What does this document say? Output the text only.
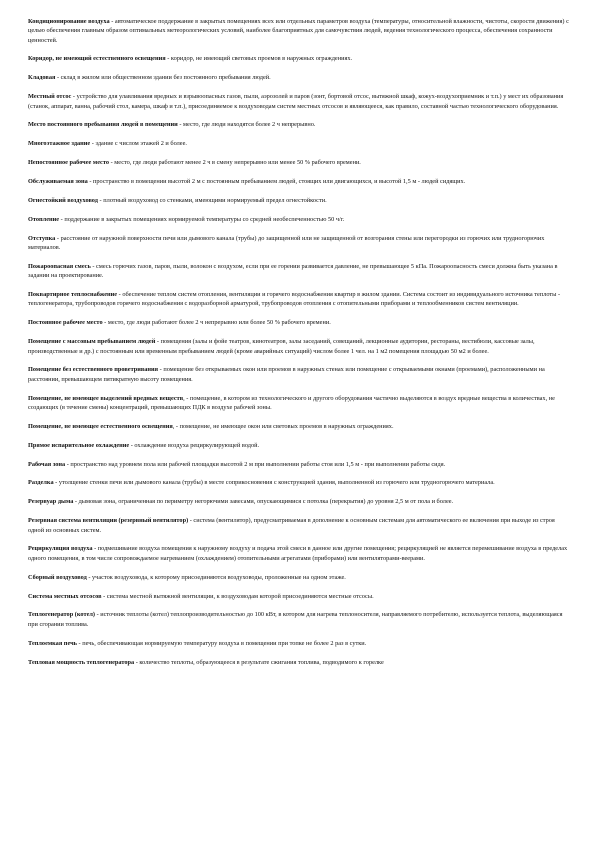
Кондиционирование воздуха - автоматическое поддержание в закрытых помещениях всех или отдельных параметров воздуха (температуры, относительной влажности, чистоты, скорости движения) с целью обеспечения главным образом оптимальных метеорологических условий, наиболее благоприятных для самочувствия людей, ведения технологического процесса, обеспечения сохранности ценностей.

Коридор, не имеющий естественного освещения - коридор, не имеющий световых проемов в наружных ограждениях.

Кладовая - склад в жилом или общественном здании без постоянного пребывания людей.

Местный отсос - устройство для улавливания вредных и взрывоопасных газов, пыли, аэрозолей и паров (зонт, бортовой отсос, вытяжной шкаф, кожух-воздухоприемник и т.п.) у мест их образования (станок, аппарат, ванна, рабочий стол, камера, шкаф и т.п.), присоединяемое к воздуховодам систем местных отсосов и являющееся, как правило, составной частью технологического оборудования.

Место постоянного пребывания людей в помещении - место, где люди находятся более 2 ч непрерывно.

Многоэтажное здание - здание с числом этажей 2 и более.

Непостоянное рабочее место - место, где люди работают менее 2 ч в смену непрерывно или менее 50 % рабочего времени.

Обслуживаемая зона - пространство в помещении высотой 2 м с постоянным пребыванием людей, стоящих или двигающихся, и высотой 1,5 м - людей сидящих.

Огнестойкий воздуховод - плотный воздуховод со стенками, имеющими нормируемый предел огнестойкости.

Отопление - поддержание в закрытых помещениях нормируемой температуры со средней необеспеченностью 50 ч/г.

Отступка - расстояние от наружной поверхности печи или дымового канала (трубы) до защищенной или не защищенной от возгорания стены или перегородки из горючих или трудногорючих материалов.

Пожароопасная смесь - смесь горючих газов, паров, пыли, волокон с воздухом, если при ее горении развивается давление, не превышающее 5 кПа. Пожароопасность смеси должна быть указана в задании на проектирование.

Поквартирное теплоснабжение - обеспечение теплом систем отопления, вентиляции и горячего водоснабжения квартир в жилом здании. Система состоит из индивидуального источника теплоты - теплогенератора, трубопроводов горячего водоснабжения с водоразборной арматурой, трубопроводов отопления с отопительными приборами и теплообменников систем вентиляции.

Постоянное рабочее место - место, где люди работают более 2 ч непрерывно или более 50 % рабочего времени.

Помещение с массовым пребыванием людей - помещения (залы и фойе театров, кинотеатров, залы заседаний, совещаний, лекционные аудитории, рестораны, вестибюли, кассовые залы, производственные и др.) с постоянным или временным пребыванием людей (кроме аварийных ситуаций) числом более 1 чел. на 1 м2 помещения площадью 50 м2 и более.

Помещение без естественного проветривания - помещение без открываемых окон или проемов в наружных стенах или помещение с открываемыми окнами (проемами), расположенными на расстоянии, превышающем пятикратную высоту помещения.

Помещение, не имеющее выделений вредных веществ, - помещение, в котором из технологического и другого оборудования частично выделяются в воздух вредные вещества в количествах, не создающих (в течение смены) концентраций, превышающих ПДК в воздухе рабочей зоны.

Помещение, не имеющее естественного освещения, - помещение, не имеющее окон или световых проемов в наружных ограждениях.

Прямое испарительное охлаждение - охлаждение воздуха рециркулирующей водой.

Рабочая зона - пространство над уровнем пола или рабочей площадки высотой 2 м при выполнении работы стоя или 1,5 м - при выполнении работы сидя.

Разделка - утолщение стенки печи или дымового канала (трубы) в месте соприкосновения с конструкцией здания, выполненной из горючего или трудногорючего материала.

Резервуар дыма - дымовая зона, ограниченная по периметру негорючими завесами, опускающимися с потолка (перекрытия) до уровня 2,5 м от пола и более.

Резервная система вентиляции (резервный вентилятор) - система (вентилятор), предусматриваемая в дополнение к основным системам для автоматического ее включения при выходе из строя одной из основных систем.

Рециркуляция воздуха - подмешивание воздуха помещения к наружному воздуху и подача этой смеси в данное или другие помещения; рециркуляцией не является перемешивание воздуха в пределах одного помещения, в том числе сопровождаемое нагреванием (охлаждением) отопительными агрегатами (приборами) или вентиляторами-веерами.

Сборный воздуховод - участок воздуховода, к которому присоединяются воздуховоды, проложенные на одном этаже.

Система местных отсосов - система местной вытяжной вентиляции, к воздуховодам которой присоединяются местные отсосы.

Теплогенератор (котел) - источник теплоты (котел) теплопроизводительностью до 100 кВт, в котором для нагрева теплоносителя, направляемого потребителю, используется теплота, выделяющаяся при сгорании топлива.

Теплоемкая печь - печь, обеспечивающая нормируемую температуру воздуха в помещении при топке не более 2 раз в сутки.

Тепловая мощность теплогенератора - количество теплоты, образующееся в результате сжигания топлива, подводимого к горелке
